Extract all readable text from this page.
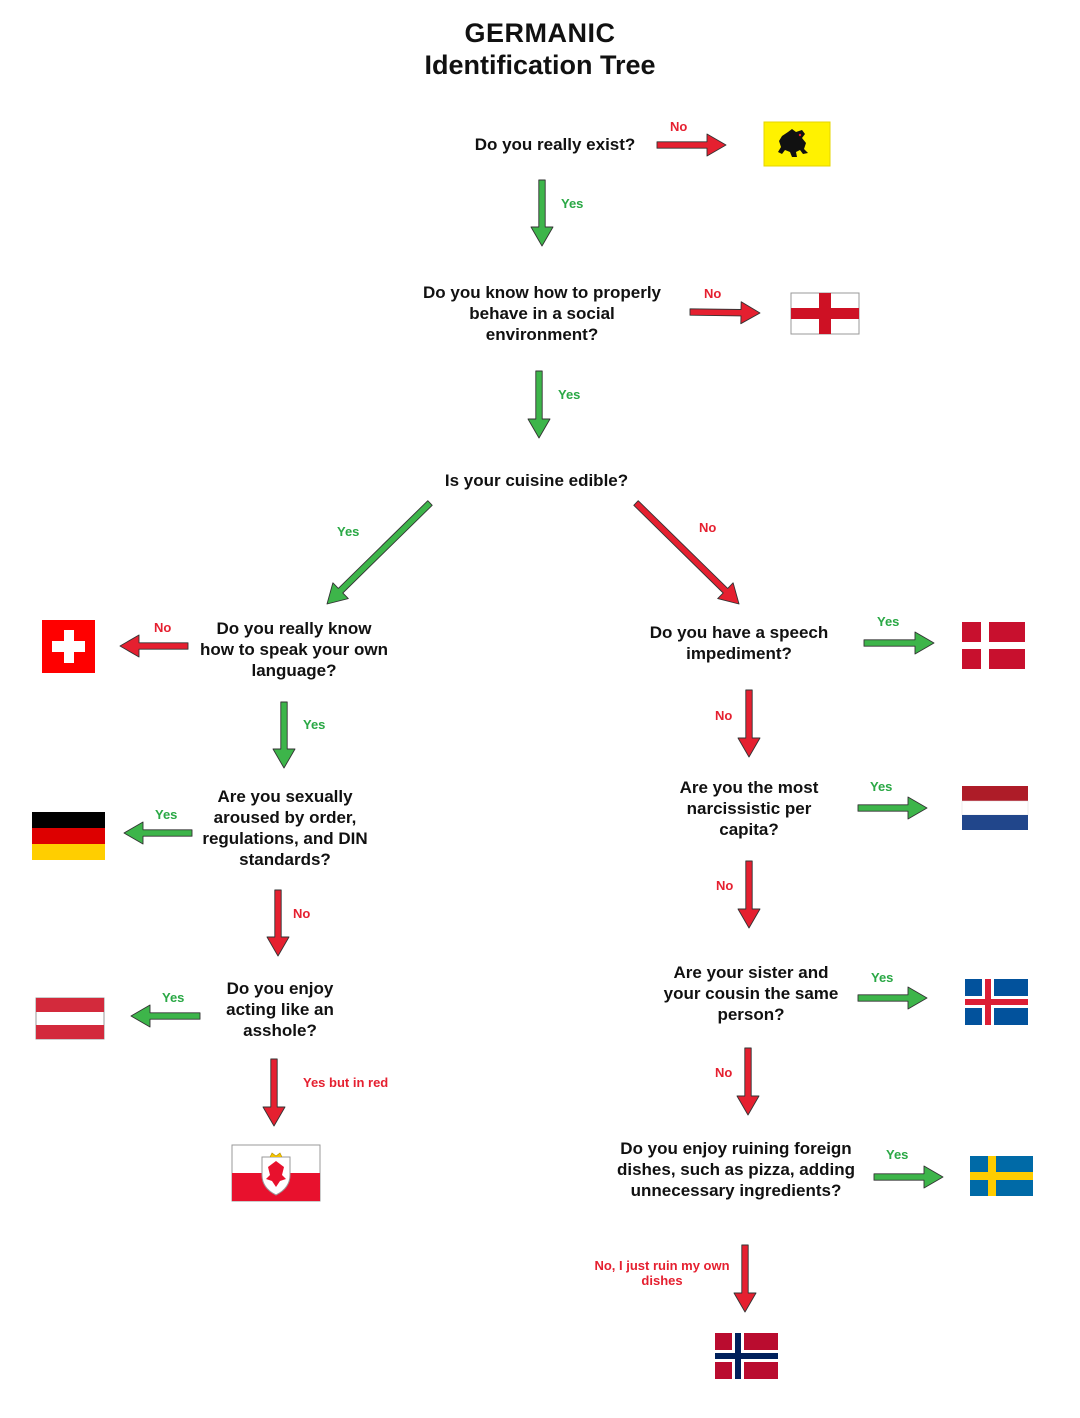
GERMANIC
Identification Tree
Do you really exist?
Do you know how to properly behave in a social environment?
Is your cuisine edible?
Do you really know how to speak your own language?
Are you sexually aroused by order, regulations, and DIN standards?
Do you enjoy acting like an asshole?
Do you have a speech impediment?
Are you the most narcissistic per capita?
Are your sister and your cousin the same person?
Do you enjoy ruining foreign dishes, such as pizza, adding unnecessary ingredients?
No
Yes
No
Yes
Yes	No
No
Yes
Yes
No
Yes
Yes but in red
Yes
No
Yes
No
Yes
No
Yes
No, I just ruin my own dishes
